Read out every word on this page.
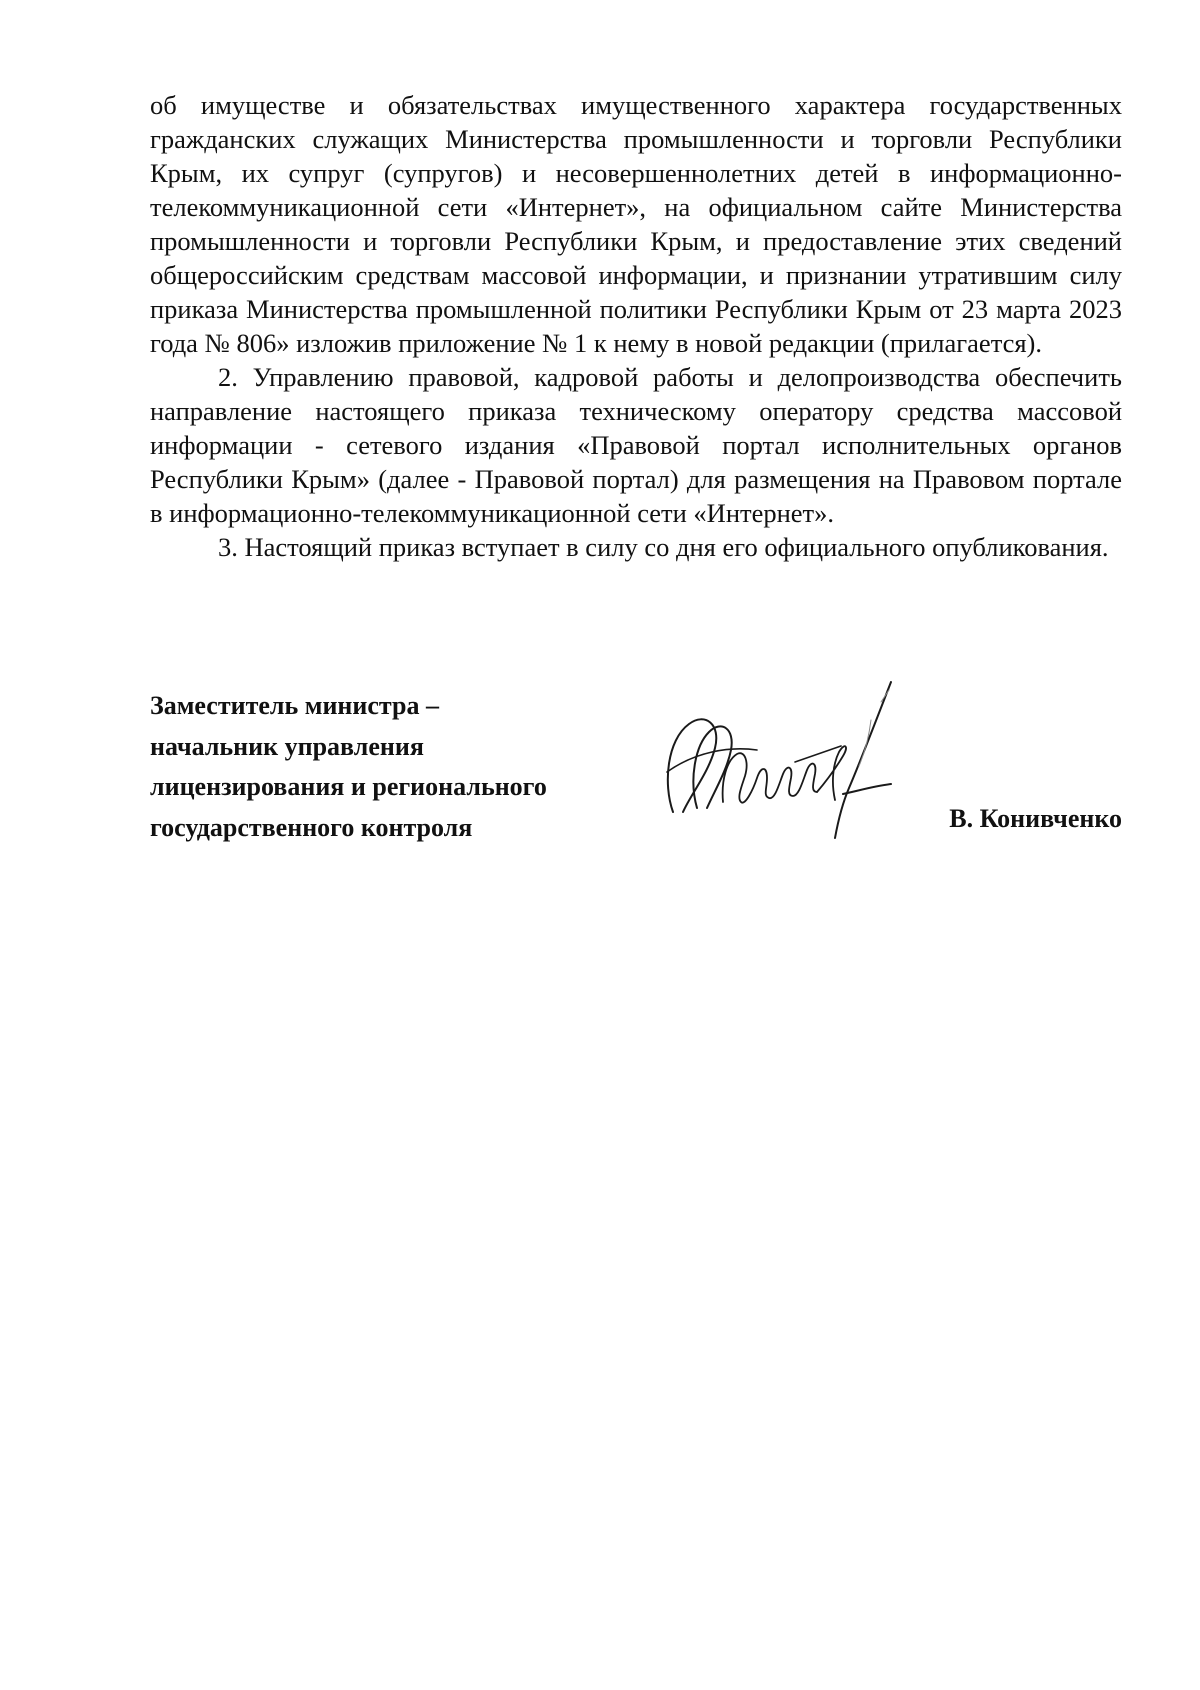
об имуществе и обязательствах имущественного характера государственных гражданских служащих Министерства промышленности и торговли Республики Крым, их супруг (супругов) и несовершеннолетних детей в информационно-телекоммуникационной сети «Интернет», на официальном сайте Министерства промышленности и торговли Республики Крым, и предоставление этих сведений общероссийским средствам массовой информации, и признании утратившим силу приказа Министерства промышленной политики Республики Крым от 23 марта 2023 года № 806» изложив приложение № 1 к нему в новой редакции (прилагается).

2. Управлению правовой, кадровой работы и делопроизводства обеспечить направление настоящего приказа техническому оператору средства массовой информации - сетевого издания «Правовой портал исполнительных органов Республики Крым» (далее - Правовой портал) для размещения на Правовом портале в информационно-телекоммуникационной сети «Интернет».

3. Настоящий приказ вступает в силу со дня его официального опубликования.

Заместитель министра –
начальник управления
лицензирования и регионального
государственного контроля	В. Конивченко
